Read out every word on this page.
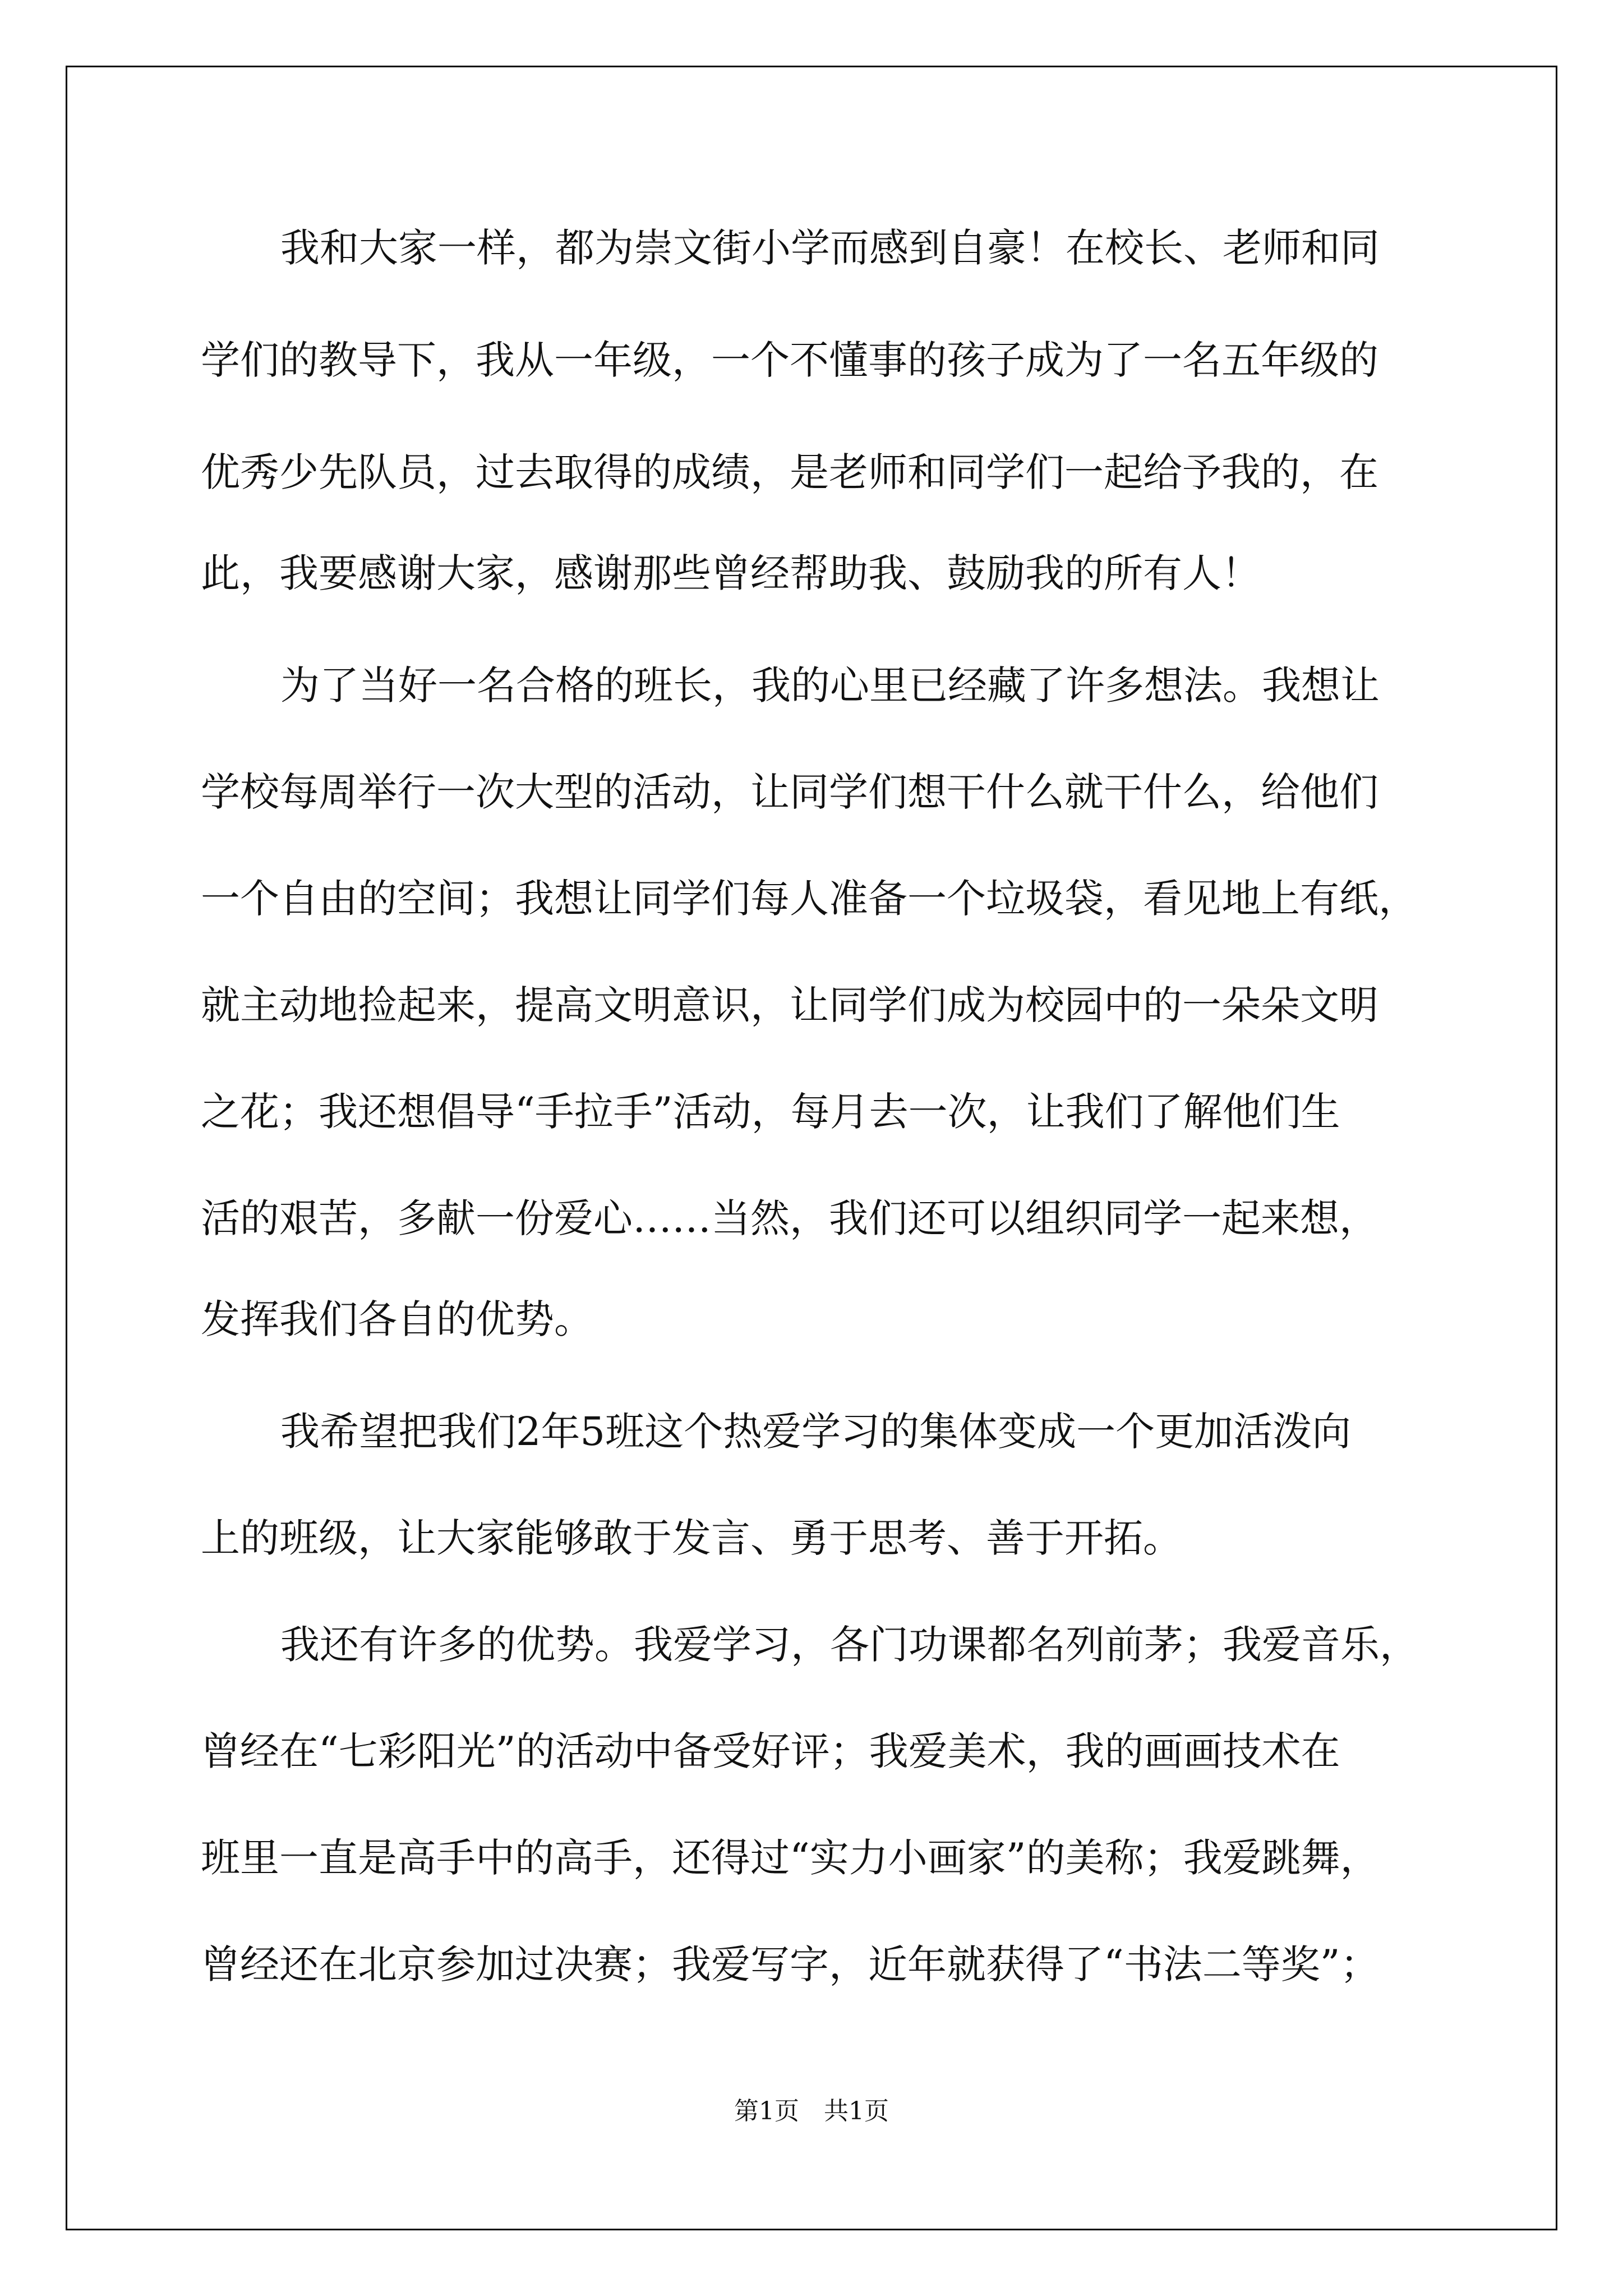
我和大家一样，都为崇文街小学而感到自豪！在校长、老师和同

学们的教导下，我从一年级，一个不懂事的孩子成为了一名五年级的

优秀少先队员，过去取得的成绩，是老师和同学们一起给予我的，在

此，我要感谢大家，感谢那些曾经帮助我、鼓励我的所有人！

为了当好一名合格的班长，我的心里已经藏了许多想法。我想让

学校每周举行一次大型的活动，让同学们想干什么就干什么，给他们

一个自由的空间；我想让同学们每人准备一个垃圾袋，看见地上有纸，

就主动地捡起来，提高文明意识，让同学们成为校园中的一朵朵文明

之花；我还想倡导“手拉手”活动，每月去一次，让我们了解他们生

活的艰苦，多献一份爱心……当然，我们还可以组织同学一起来想，

发挥我们各自的优势。

我希望把我们2年5班这个热爱学习的集体变成一个更加活泼向

上的班级，让大家能够敢于发言、勇于思考、善于开拓。

我还有许多的优势。我爱学习，各门功课都名列前茅；我爱音乐，

曾经在“七彩阳光”的活动中备受好评；我爱美术，我的画画技术在

班里一直是高手中的高手，还得过“实力小画家”的美称；我爱跳舞，

曾经还在北京参加过决赛；我爱写字，近年就获得了“书法二等奖”；

第1页　共1页
